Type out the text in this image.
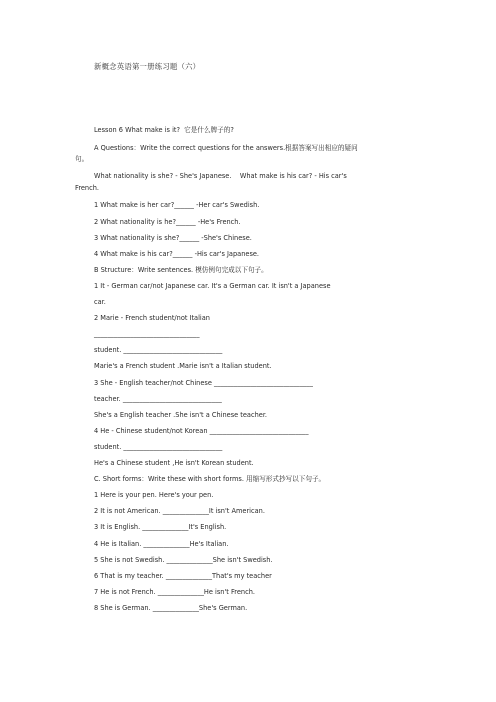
新概念英语第一册练习题（六）
Lesson 6 What make is it?  它是什么牌子的?
A Questions：Write the correct questions for the answers.根据答案写出相应的疑问
句。
What nationality is she? - She's Japanese.    What make is his car? - His car's
French.
1 What make is her car?______ -Her car's Swedish.
2 What nationality is he?______ -He's French.
3 What nationality is she?______ -She's Chinese.
4 What make is his car?______ -His car's Japanese.
B Structure：Write sentences. 模仿例句完成以下句子。
1 It - German car/not Japanese car. It's a German car. It isn't a Japanese
car.
2 Marie - French student/not Italian
________________________________
student. ______________________________
Marie's a French student .Marie isn't a Italian student.
3 She - English teacher/not Chinese ______________________________
teacher. ______________________________
She's a English teacher .She isn't a Chinese teacher.
4 He - Chinese student/not Korean ______________________________
student. ______________________________
He's a Chinese student ,He isn't Korean student.
C. Short forms：Write these with short forms. 用缩写形式抄写以下句子。
1 Here is your pen. Here's your pen.
2 It is not American. ______________It isn't American.
3 It is English. ______________It's English.
4 He is Italian. ______________He's Italian.
5 She is not Swedish. ______________She isn't Swedish.
6 That is my teacher. ______________That's my teacher
7 He is not French. ______________He isn't French.
8 She is German. ______________She's German.
